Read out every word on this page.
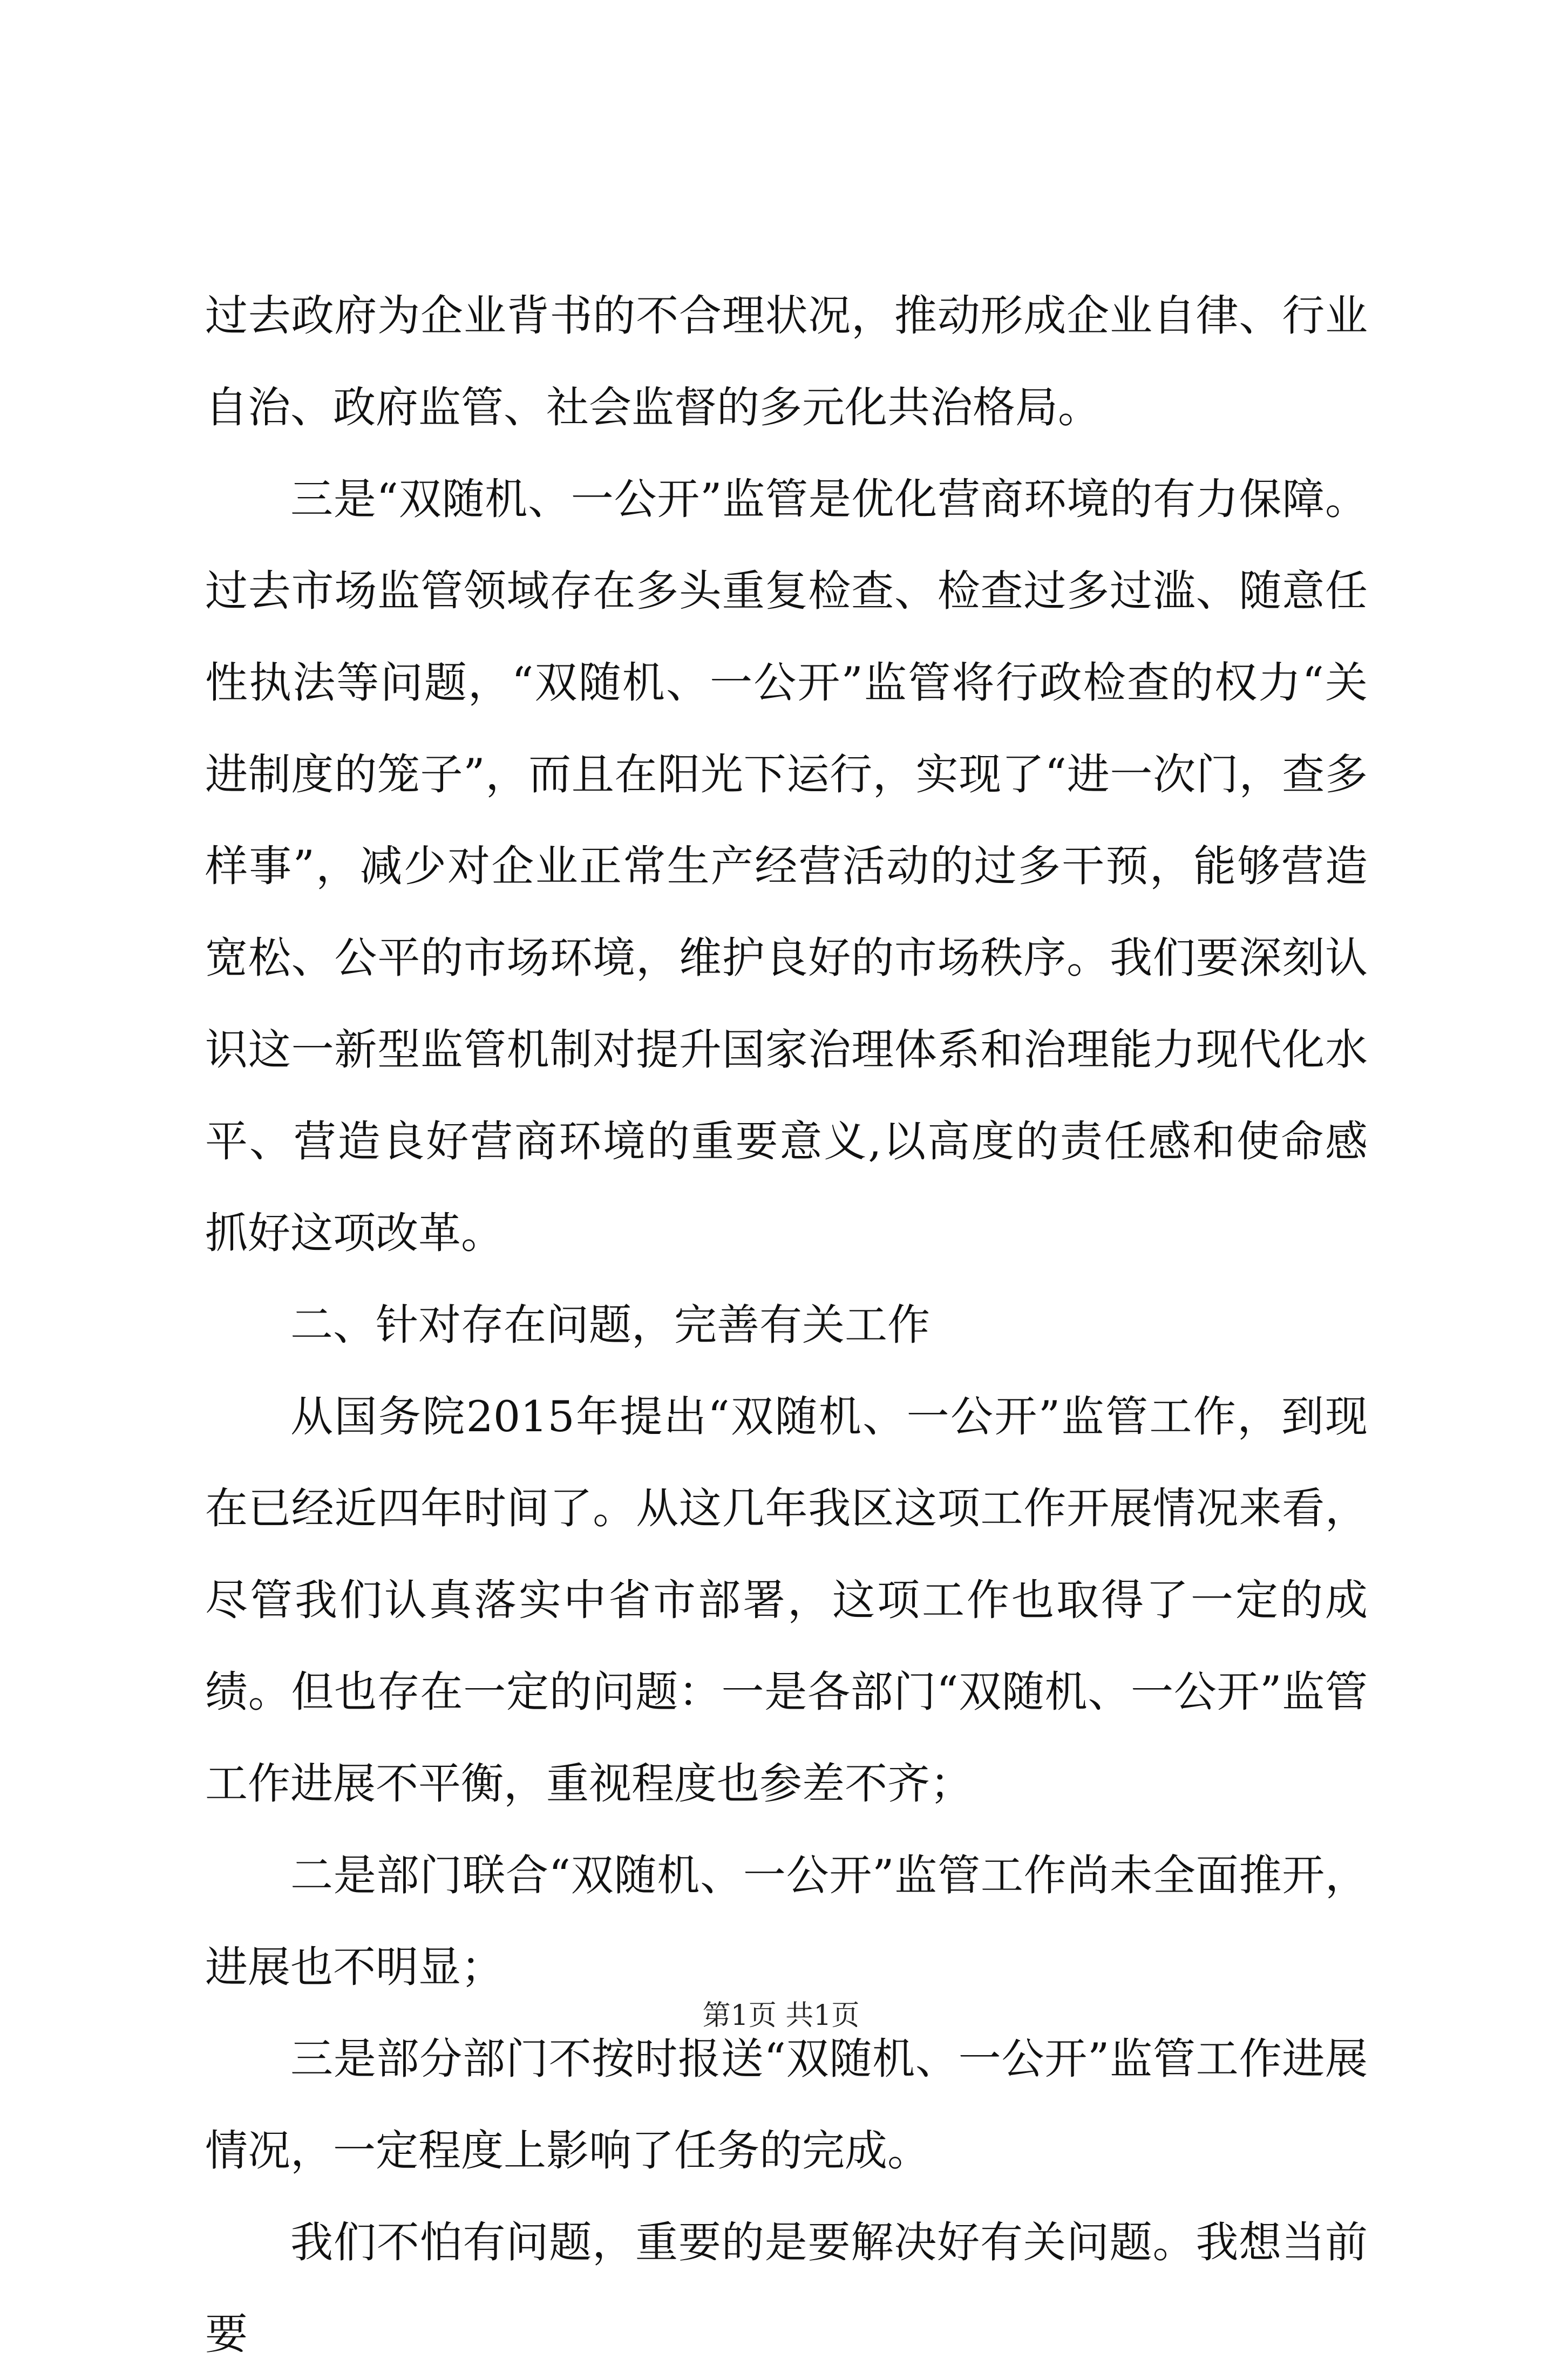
过去政府为企业背书的不合理状况，推动形成企业自律、行业自治、政府监管、社会监督的多元化共治格局。

三是“双随机、一公开”监管是优化营商环境的有力保障。过去市场监管领域存在多头重复检查、检查过多过滥、随意任性执法等问题，“双随机、一公开”监管将行政检查的权力“关进制度的笼子”，而且在阳光下运行，实现了“进一次门，查多样事”，减少对企业正常生产经营活动的过多干预，能够营造宽松、公平的市场环境，维护良好的市场秩序。我们要深刻认识这一新型监管机制对提升国家治理体系和治理能力现代化水平、营造良好营商环境的重要意义,以高度的责任感和使命感抓好这项改革。

二、针对存在问题，完善有关工作

从国务院2015年提出“双随机、一公开”监管工作，到现在已经近四年时间了。从这几年我区这项工作开展情况来看，尽管我们认真落实中省市部署，这项工作也取得了一定的成绩。但也存在一定的问题：一是各部门“双随机、一公开”监管工作进展不平衡，重视程度也参差不齐；

二是部门联合“双随机、一公开”监管工作尚未全面推开，进展也不明显；

三是部分部门不按时报送“双随机、一公开”监管工作进展情况，一定程度上影响了任务的完成。

我们不怕有问题，重要的是要解决好有关问题。我想当前要

第1页 共1页
